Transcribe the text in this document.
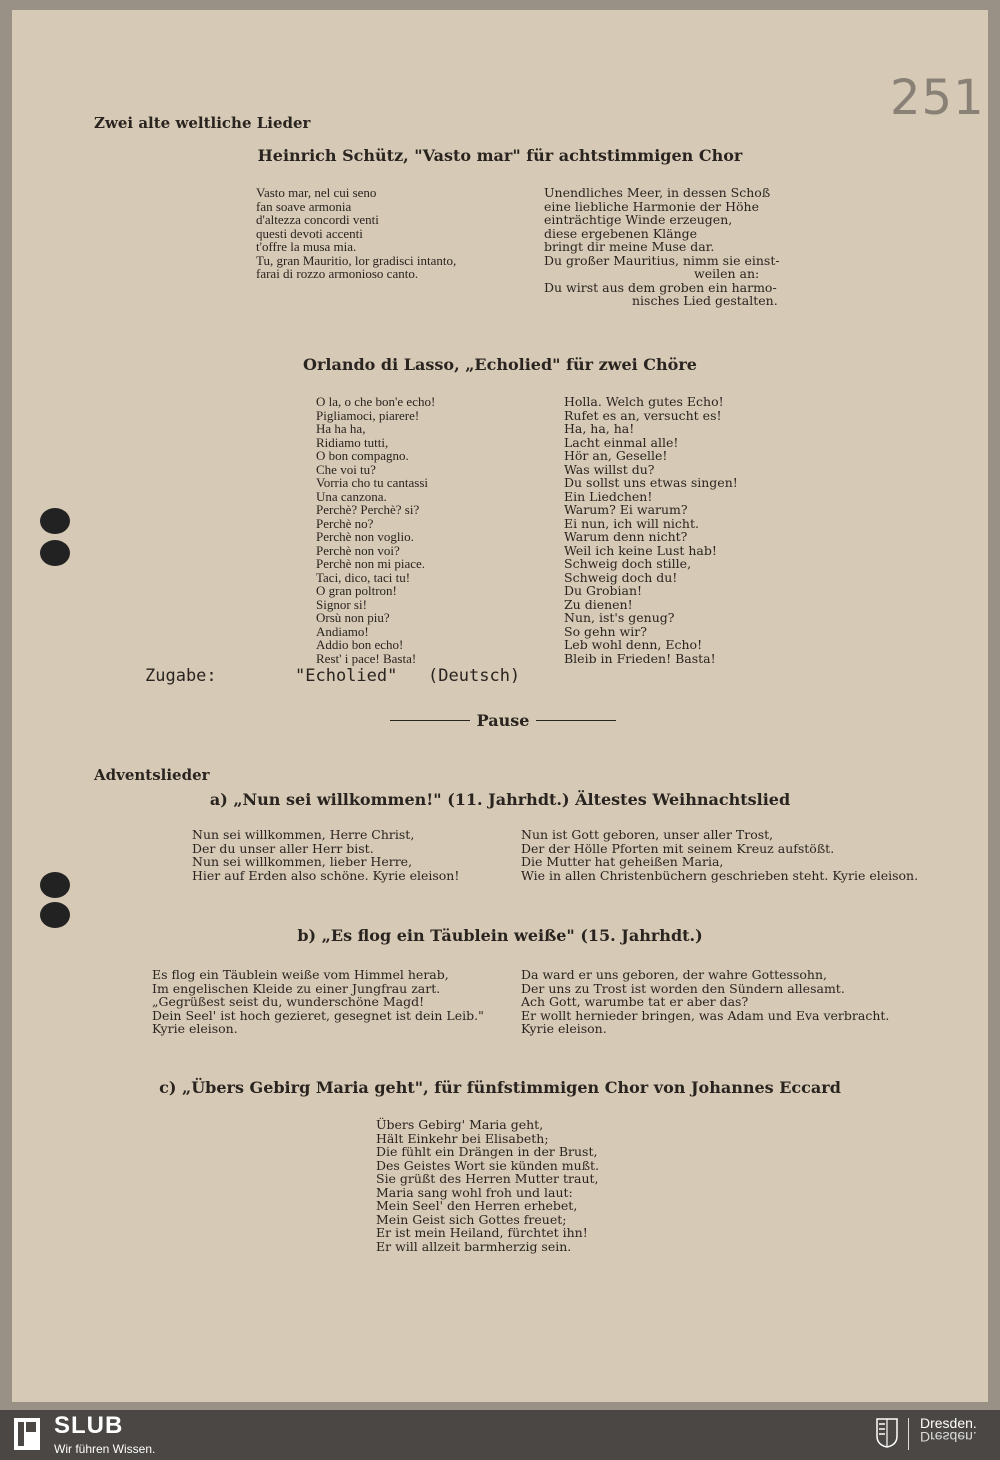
251
Zwei alte weltliche Lieder
Heinrich Schütz, "Vasto mar" für achtstimmigen Chor
Vasto mar, nel cui seno
fan soave armonia
d'altezza concordi venti
questi devoti accenti
t'offre la musa mia.
Tu, gran Mauritio, lor gradisci intanto,
farai di rozzo armonioso canto.
Unendliches Meer, in dessen Schoß
eine liebliche Harmonie der Höhe
einträchtige Winde erzeugen,
diese ergebenen Klänge
bringt dir meine Muse dar.
Du großer Mauritius, nimm sie einst-
weilen an:
Du wirst aus dem groben ein harmo-
nisches Lied gestalten.
Orlando di Lasso, „Echolied" für zwei Chöre
O la, o che bon'e echo!
Pigliamoci, piarere!
Ha ha ha,
Ridiamo tutti,
O bon compagno.
Che voi tu?
Vorria cho tu cantassi
Una canzona.
Perchè? Perchè? si?
Perchè no?
Perchè non voglio.
Perchè non voi?
Perchè non mi piace.
Taci, dico, taci tu!
O gran poltron!
Signor si!
Orsù non piu?
Andiamo!
Addio bon echo!
Rest' i pace! Basta!
Holla. Welch gutes Echo!
Rufet es an, versucht es!
Ha, ha, ha!
Lacht einmal alle!
Hör an, Geselle!
Was willst du?
Du sollst uns etwas singen!
Ein Liedchen!
Warum? Ei warum?
Ei nun, ich will nicht.
Warum denn nicht?
Weil ich keine Lust hab!
Schweig doch stille,
Schweig doch du!
Du Grobian!
Zu dienen!
Nun, ist's genug?
So gehn wir?
Leb wohl denn, Echo!
Bleib in Frieden! Basta!
Zugabe:	"Echolied"   (Deutsch)
Pause
Adventslieder
a) „Nun sei willkommen!" (11. Jahrhdt.) Ältestes Weihnachtslied
Nun sei willkommen, Herre Christ,
Der du unser aller Herr bist.
Nun sei willkommen, lieber Herre,
Hier auf Erden also schöne. Kyrie eleison!
Nun ist Gott geboren, unser aller Trost,
Der der Hölle Pforten mit seinem Kreuz aufstößt.
Die Mutter hat geheißen Maria,
Wie in allen Christenbüchern geschrieben steht. Kyrie eleison.
b) „Es flog ein Täublein weiße" (15. Jahrhdt.)
Es flog ein Täublein weiße vom Himmel herab,
Im engelischen Kleide zu einer Jungfrau zart.
„Gegrüßest seist du, wunderschöne Magd!
Dein Seel' ist hoch gezieret, gesegnet ist dein Leib."
Kyrie eleison.
Da ward er uns geboren, der wahre Gottessohn,
Der uns zu Trost ist worden den Sündern allesamt.
Ach Gott, warumbe tat er aber das?
Er wollt hernieder bringen, was Adam und Eva verbracht.
Kyrie eleison.
c) „Übers Gebirg Maria geht", für fünfstimmigen Chor von Johannes Eccard
Übers Gebirg' Maria geht,
Hält Einkehr bei Elisabeth;
Die fühlt ein Drängen in der Brust,
Des Geistes Wort sie künden mußt.
Sie grüßt des Herren Mutter traut,
Maria sang wohl froh und laut:
Mein Seel' den Herren erhebet,
Mein Geist sich Gottes freuet;
Er ist mein Heiland, fürchtet ihn!
Er will allzeit barmherzig sein.
SLUB
Wir führen Wissen.
Dresden.
Dresden.
